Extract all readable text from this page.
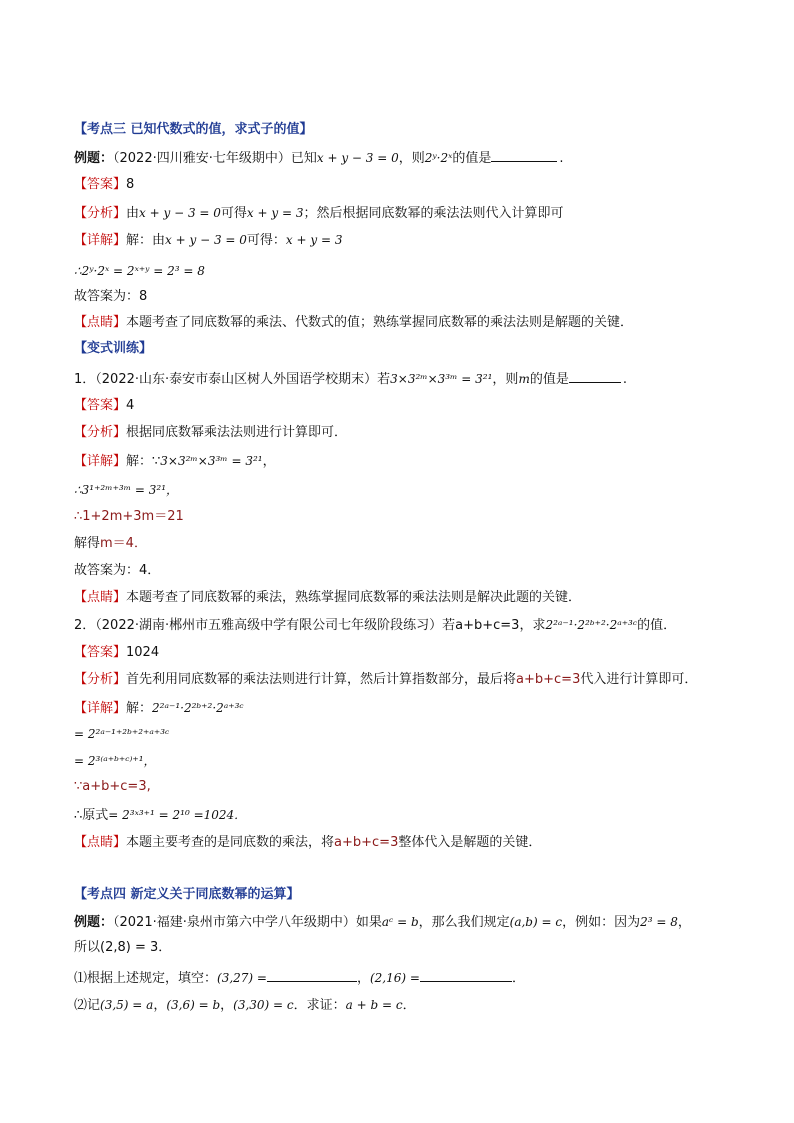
【考点三 已知代数式的值，求式子的值】
例题：（2022·四川雅安·七年级期中）已知x + y − 3 = 0，则2ʸ·2ˣ的值是	.
【答案】8
【分析】由x + y − 3 = 0可得x + y = 3；然后根据同底数幂的乘法法则代入计算即可
【详解】解：由x + y − 3 = 0可得：x + y = 3
∴2ʸ·2ˣ = 2ˣ⁺ʸ = 2³ = 8
故答案为：8
【点睛】本题考查了同底数幂的乘法、代数式的值；熟练掌握同底数幂的乘法法则是解题的关键．
【变式训练】
1．（2022·山东·泰安市泰山区树人外国语学校期末）若3×3²ᵐ×3³ᵐ = 3²¹，则m的值是	.
【答案】4
【分析】根据同底数幂乘法法则进行计算即可．
【详解】解：∵3×3²ᵐ×3³ᵐ = 3²¹，
∴3¹⁺²ᵐ⁺³ᵐ = 3²¹，
∴1+2m+3m＝21
解得m＝4．
故答案为：4．
【点睛】本题考查了同底数幂的乘法，熟练掌握同底数幂的乘法法则是解决此题的关键．
2．（2022·湖南·郴州市五雅高级中学有限公司七年级阶段练习）若a+b+c=3，求2²ᵃ⁻¹·2²ᵇ⁺²·2ᵃ⁺³ᶜ的值．
【答案】1024
【分析】首先利用同底数幂的乘法法则进行计算，然后计算指数部分，最后将a+b+c=3代入进行计算即可．
【详解】解：2²ᵃ⁻¹·2²ᵇ⁺²·2ᵃ⁺³ᶜ
= 2²ᵃ⁻¹⁺²ᵇ⁺²⁺ᵃ⁺³ᶜ
= 2³⁽ᵃ⁺ᵇ⁺ᶜ⁾⁺¹，
∵a+b+c=3,
∴原式= 2³ˣ³⁺¹ = 2¹⁰ =1024．
【点睛】本题主要考查的是同底数的乘法，将a+b+c=3整体代入是解题的关键．
【考点四 新定义关于同底数幂的运算】
例题：（2021·福建·泉州市第六中学八年级期中）如果aᶜ = b，那么我们规定(a,b) = c，例如：因为2³ = 8，
所以(2,8) = 3．
⑴根据上述规定，填空：(3,27) =	，(2,16) =	．
⑵记(3,5) = a，(3,6) = b，(3,30) = c．求证：a + b = c．
